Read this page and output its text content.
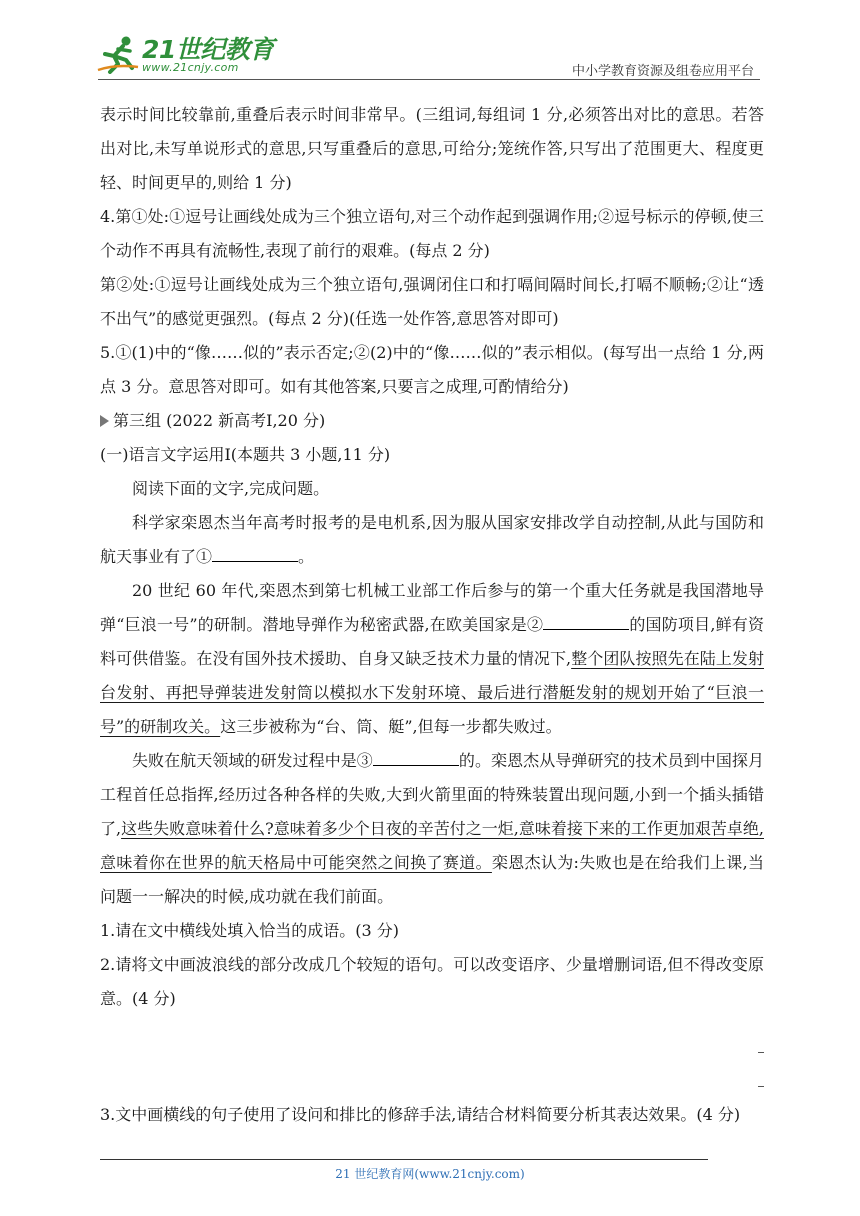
21世纪教育
www.21cnjy.com	中小学教育资源及组卷应用平台

表示时间比较靠前,重叠后表示时间非常早。(三组词,每组词 1 分,必须答出对比的意思。若答出对比,未写单说形式的意思,只写重叠后的意思,可给分;笼统作答,只写出了范围更大、程度更轻、时间更早的,则给 1 分)

4.第①处:①逗号让画线处成为三个独立语句,对三个动作起到强调作用;②逗号标示的停顿,使三个动作不再具有流畅性,表现了前行的艰难。(每点 2 分)

第②处:①逗号让画线处成为三个独立语句,强调闭住口和打嗝间隔时间长,打嗝不顺畅;②让“透不出气”的感觉更强烈。(每点 2 分)(任选一处作答,意思答对即可)

5.①(1)中的“像……似的”表示否定;②(2)中的“像……似的”表示相似。(每写出一点给 1 分,两点 3 分。意思答对即可。如有其他答案,只要言之成理,可酌情给分)

第三组 (2022 新高考Ⅰ,20 分)

(一)语言文字运用Ⅰ(本题共 3 小题,11 分)

阅读下面的文字,完成问题。

科学家栾恩杰当年高考时报考的是电机系,因为服从国家安排改学自动控制,从此与国防和航天事业有了①	。

20 世纪 60 年代,栾恩杰到第七机械工业部工作后参与的第一个重大任务就是我国潜地导弹“巨浪一号”的研制。潜地导弹作为秘密武器,在欧美国家是②	的国防项目,鲜有资料可供借鉴。在没有国外技术援助、自身又缺乏技术力量的情况下,整个团队按照先在陆上发射台发射、再把导弹装进发射筒以模拟水下发射环境、最后进行潜艇发射的规划开始了“巨浪一号”的研制攻关。这三步被称为“台、筒、艇”,但每一步都失败过。

失败在航天领域的研发过程中是③	的。栾恩杰从导弹研究的技术员到中国探月工程首任总指挥,经历过各种各样的失败,大到火箭里面的特殊装置出现问题,小到一个插头插错了,这些失败意味着什么?意味着多少个日夜的辛苦付之一炬,意味着接下来的工作更加艰苦卓绝,意味着你在世界的航天格局中可能突然之间换了赛道。栾恩杰认为:失败也是在给我们上课,当问题一一解决的时候,成功就在我们前面。

1.请在文中横线处填入恰当的成语。(3 分)

2.请将文中画波浪线的部分改成几个较短的语句。可以改变语序、少量增删词语,但不得改变原意。(4 分)

3.文中画横线的句子使用了设问和排比的修辞手法,请结合材料简要分析其表达效果。(4 分)

21 世纪教育网(www.21cnjy.com)
